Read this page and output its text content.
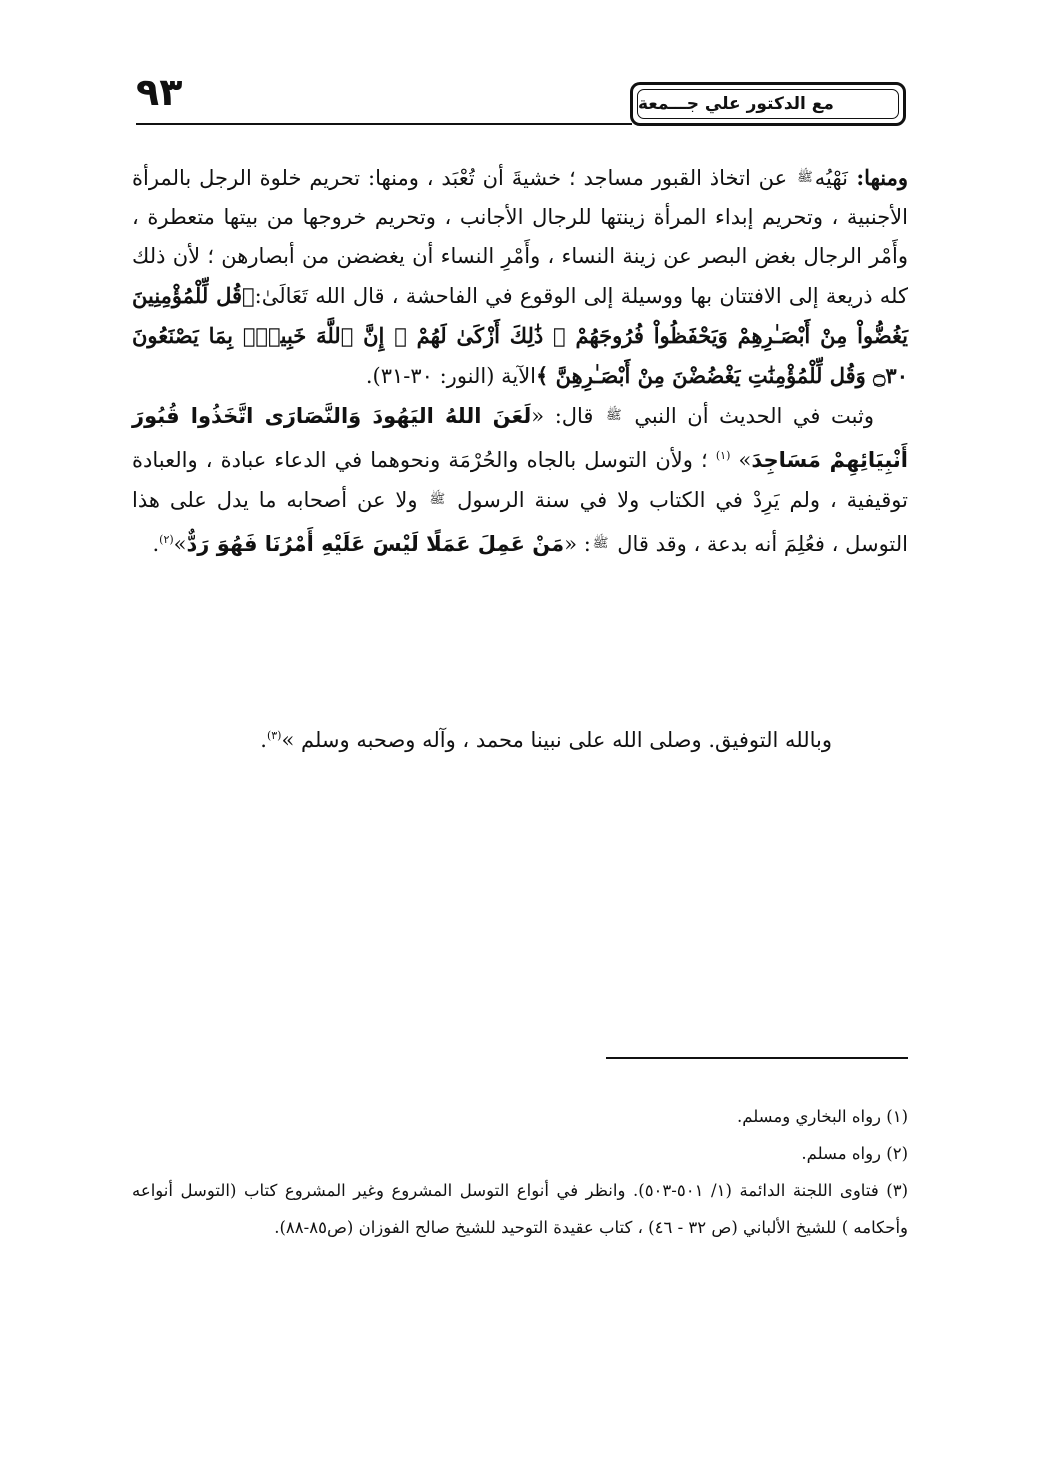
٩٣	مع الدكتور علي جـــمعة

ومنها: نَهْيُهﷺ عن اتخاذ القبور مساجد ؛ خشيةَ أن تُعْبَد ، ومنها: تحريم خلوة الرجل بالمرأة الأجنبية ، وتحريم إبداء المرأة زينتها للرجال الأجانب ، وتحريم خروجها من بيتها متعطرة ، وأَمْر الرجال بغض البصر عن زينة النساء ، وأَمْرِ النساء أن يغضضن من أبصارهن ؛ لأن ذلك كله ذريعة إلى الافتتان بها ووسيلة إلى الوقوع في الفاحشة ، قال الله تَعَالَىٰ:﴿قُل لِّلْمُؤْمِنِينَ يَغُضُّواْ مِنْ أَبْصَـٰرِهِمْ وَيَحْفَظُواْ فُرُوجَهُمْ ۚ ذَٰلِكَ أَزْكَىٰ لَهُمْ ۗ إِنَّ ٱللَّهَ خَبِيرٌۢ بِمَا يَصْنَعُونَ ۝٣٠ وَقُل لِّلْمُؤْمِنَٰتِ يَغْضُضْنَ مِنْ أَبْصَـٰرِهِنَّ ﴾الآية (النور: ٣٠-٣١).

وثبت في الحديث أن النبي ﷺ قال: «لَعَنَ اللهُ اليَهُودَ وَالنَّصَارَى اتَّخَذُوا قُبُورَ أَنْبِيَائِهِمْ مَسَاجِدَ» $^{(١)}$ ؛ ولأن التوسل بالجاه والحُرْمَة ونحوهما في الدعاء عبادة ، والعبادة توقيفية ، ولم يَرِدْ في الكتاب ولا في سنة الرسول ﷺ ولا عن أصحابه ما يدل على هذا التوسل ، فعُلِمَ أنه بدعة ، وقد قال ﷺ: «مَنْ عَمِلَ عَمَلًا لَيْسَ عَلَيْهِ أَمْرُنَا فَهُوَ رَدٌّ»$^{(٢)}$.

وبالله التوفيق. وصلى الله على نبينا محمد ، وآله وصحبه وسلم »$^{(٣)}$.

(١) رواه البخاري ومسلم.

(٢) رواه مسلم.

(٣) فتاوى اللجنة الدائمة (١/ ٥٠١-٥٠٣). وانظر في أنواع التوسل المشروع وغير المشروع كتاب (التوسل أنواعه وأحكامه ) للشيخ الألباني (ص ٣٢ - ٤٦) ، كتاب عقيدة التوحيد للشيخ صالح الفوزان (ص٨٥-٨٨).
